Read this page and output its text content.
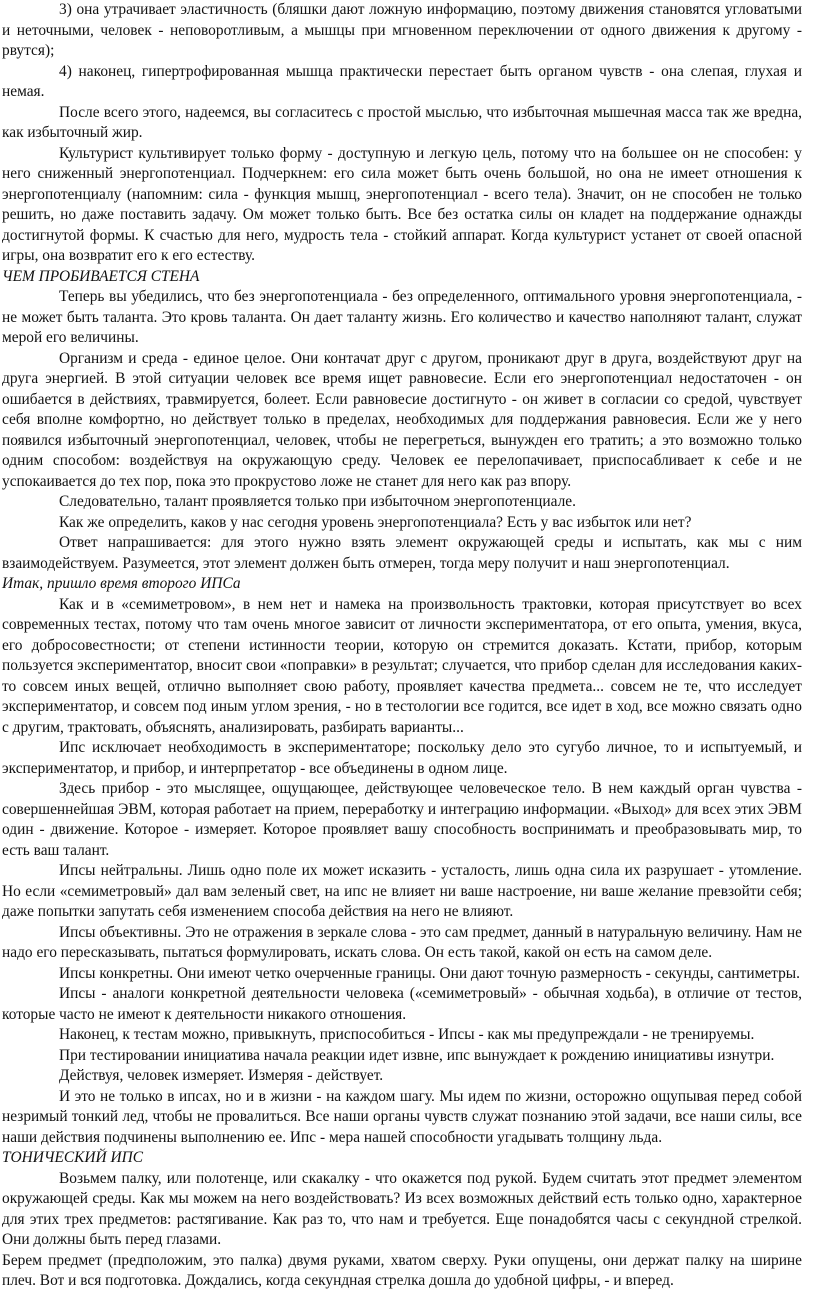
3) она утрачивает эластичность (бляшки дают ложную информацию, поэтому движения становятся угловатыми и неточными, человек - неповоротливым, а мышцы при мгновенном переключении от одного движения к другому - рвутся);

4) наконец, гипертрофированная мышца практически перестает быть органом чувств - она слепая, глухая и немая.

После всего этого, надеемся, вы согласитесь с простой мыслью, что избыточная мышечная масса так же вредна, как избыточный жир.

Культурист культивирует только форму - доступную и легкую цель, потому что на большее он не способен: у него сниженный энергопотенциал. Подчеркнем: его сила может быть очень большой, но она не имеет отношения к энергопотенциалу (напомним: сила - функция мышц, энергопотенциал - всего тела). Значит, он не способен не только решить, но даже поставить задачу. Ом может только быть. Все без остатка силы он кладет на поддержание однажды достигнутой формы. К счастью для него, мудрость тела - стойкий аппарат. Когда культурист устанет от своей опасной игры, она возвратит его к его естеству.

ЧЕМ ПРОБИВАЕТСЯ СТЕНА

Теперь вы убедились, что без энергопотенциала - без определенного, оптимального уровня энергопотенциала, - не может быть таланта. Это кровь таланта. Он дает таланту жизнь. Его количество и качество наполняют талант, служат мерой его величины.

Организм и среда - единое целое. Они контачат друг с другом, проникают друг в друга, воздействуют друг на друга энергией. В этой ситуации человек все время ищет равновесие. Если его энергопотенциал недостаточен - он ошибается в действиях, травмируется, болеет. Если равновесие достигнуто - он живет в согласии со средой, чувствует себя вполне комфортно, но действует только в пределах, необходимых для поддержания равновесия. Если же у него появился избыточный энергопотенциал, человек, чтобы не перегреться, вынужден его тратить; а это возможно только одним способом: воздействуя на окружающую среду. Человек ее перелопачивает, приспосабливает к себе и не успокаивается до тех пор, пока это прокрустово ложе не станет для него как раз впору.

Следовательно, талант проявляется только при избыточном энергопотенциале.

Как же определить, каков у нас сегодня уровень энергопотенциала? Есть у вас избыток или нет?

Ответ напрашивается: для этого нужно взять элемент окружающей среды и испытать, как мы с ним взаимодействуем. Разумеется, этот элемент должен быть отмерен, тогда меру получит и наш энергопотенциал.

Итак, пришло время второго ИПСа

Как и в «семиметровом», в нем нет и намека на произвольность трактовки, которая присутствует во всех современных тестах, потому что там очень многое зависит от личности экспериментатора, от его опыта, умения, вкуса, его добросовестности; от степени истинности теории, которую он стремится доказать. Кстати, прибор, которым пользуется экспериментатор, вносит свои «поправки» в результат; случается, что прибор сделан для исследования каких-то совсем иных вещей, отлично выполняет свою работу, проявляет качества предмета... совсем не те, что исследует экспериментатор, и совсем под иным углом зрения, - но в тестологии все годится, все идет в ход, все можно связать одно с другим, трактовать, объяснять, анализировать, разбирать варианты...

Ипс исключает необходимость в экспериментаторе; поскольку дело это сугубо личное, то и испытуемый, и экспериментатор, и прибор, и интерпретатор - все объединены в одном лице.

Здесь прибор - это мыслящее, ощущающее, действующее человеческое тело. В нем каждый орган чувства - совершеннейшая ЭВМ, которая работает на прием, переработку и интеграцию информации. «Выход» для всех этих ЭВМ один - движение. Которое - измеряет. Которое проявляет вашу способность воспринимать и преобразовывать мир, то есть ваш талант.

Ипсы нейтральны. Лишь одно поле их может исказить - усталость, лишь одна сила их разрушает - утомление. Но если «семиметровый» дал вам зеленый свет, на ипс не влияет ни ваше настроение, ни ваше желание превзойти себя; даже попытки запутать себя изменением способа действия на него не влияют.

Ипсы объективны. Это не отражения в зеркале слова - это сам предмет, данный в натуральную величину. Нам не надо его пересказывать, пытаться формулировать, искать слова. Он есть такой, какой он есть на самом деле.

Ипсы конкретны. Они имеют четко очерченные границы. Они дают точную размерность - секунды, сантиметры.

Ипсы - аналоги конкретной деятельности человека («семиметровый» - обычная ходьба), в отличие от тестов, которые часто не имеют к деятельности никакого отношения.

Наконец, к тестам можно, привыкнуть, приспособиться - Ипсы - как мы предупреждали - не тренируемы.

При тестировании инициатива начала реакции идет извне, ипс вынуждает к рождению инициативы изнутри.

Действуя, человек измеряет. Измеряя - действует.

И это не только в ипсах, но и в жизни - на каждом шагу. Мы идем по жизни, осторожно ощупывая перед собой незримый тонкий лед, чтобы не провалиться. Все наши органы чувств служат познанию этой задачи, все наши силы, все наши действия подчинены выполнению ее. Ипс - мера нашей способности угадывать толщину льда.

ТОНИЧЕСКИЙ ИПС

Возьмем палку, или полотенце, или скакалку - что окажется под рукой. Будем считать этот предмет элементом окружающей среды. Как мы можем на него воздействовать? Из всех возможных действий есть только одно, характерное для этих трех предметов: растягивание. Как раз то, что нам и требуется. Еще понадобятся часы с секундной стрелкой. Они должны быть перед глазами.

Берем предмет (предположим, это палка) двумя руками, хватом сверху. Руки опущены, они держат палку на ширине плеч. Вот и вся подготовка. Дождались, когда секундная стрелка дошла до удобной цифры, - и вперед.
